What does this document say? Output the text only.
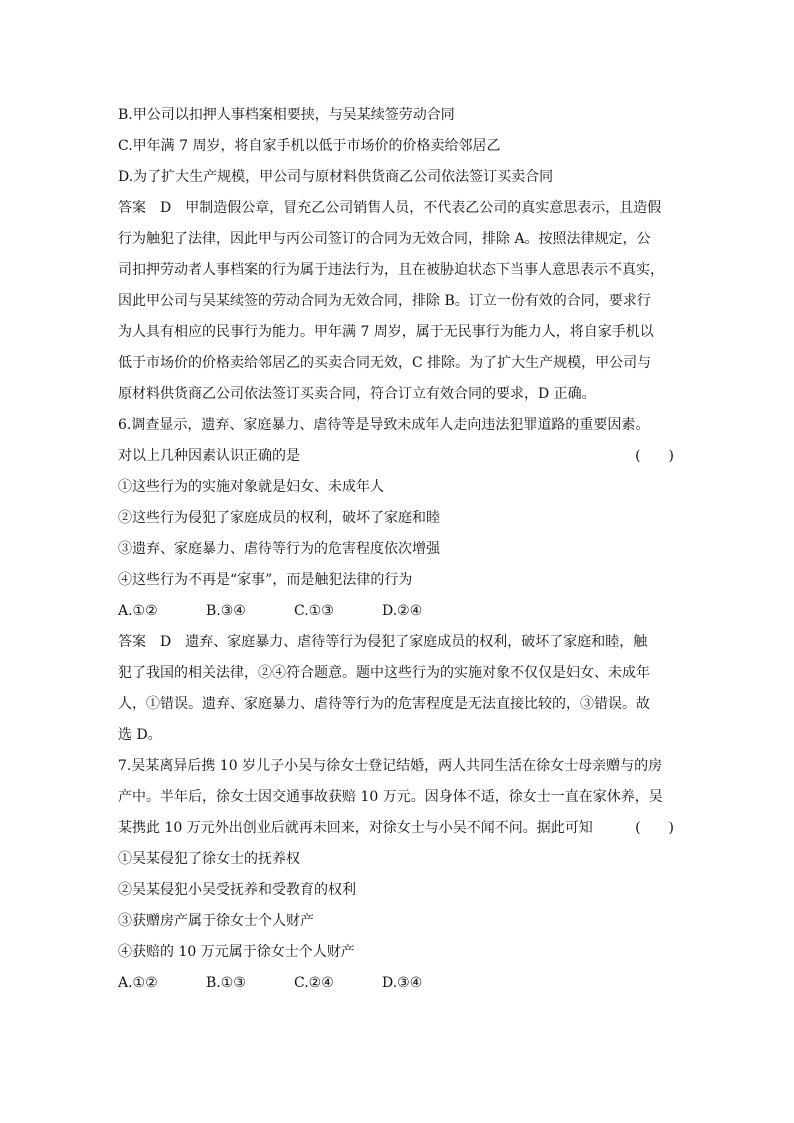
B.甲公司以扣押人事档案相要挟，与吴某续签劳动合同
C.甲年满 7 周岁，将自家手机以低于市场价的价格卖给邻居乙
D.为了扩大生产规模，甲公司与原材料供货商乙公司依法签订买卖合同
答案　D　甲制造假公章，冒充乙公司销售人员，不代表乙公司的真实意思表示，且造假
行为触犯了法律，因此甲与丙公司签订的合同为无效合同，排除 A。按照法律规定，公
司扣押劳动者人事档案的行为属于违法行为，且在被胁迫状态下当事人意思表示不真实，
因此甲公司与吴某续签的劳动合同为无效合同，排除 B。订立一份有效的合同，要求行
为人具有相应的民事行为能力。甲年满 7 周岁，属于无民事行为能力人，将自家手机以
低于市场价的价格卖给邻居乙的买卖合同无效，C 排除。为了扩大生产规模，甲公司与
原材料供货商乙公司依法签订买卖合同，符合订立有效合同的要求，D 正确。
6.调查显示，遗弃、家庭暴力、虐待等是导致未成年人走向违法犯罪道路的重要因素。
对以上几种因素认识正确的是	(　　)
①这些行为的实施对象就是妇女、未成年人
②这些行为侵犯了家庭成员的权利，破坏了家庭和睦
③遗弃、家庭暴力、虐待等行为的危害程度依次增强
④这些行为不再是“家事”，而是触犯法律的行为
A.①②	B.③④	C.①③	D.②④
答案　D　遗弃、家庭暴力、虐待等行为侵犯了家庭成员的权利，破坏了家庭和睦，触
犯了我国的相关法律，②④符合题意。题中这些行为的实施对象不仅仅是妇女、未成年
人，①错误。遗弃、家庭暴力、虐待等行为的危害程度是无法直接比较的，③错误。故
选 D。
7.吴某离异后携 10 岁儿子小吴与徐女士登记结婚，两人共同生活在徐女士母亲赠与的房
产中。半年后，徐女士因交通事故获赔 10 万元。因身体不适，徐女士一直在家休养，吴
某携此 10 万元外出创业后就再未回来，对徐女士与小吴不闻不问。据此可知	(　　)
①吴某侵犯了徐女士的抚养权
②吴某侵犯小吴受抚养和受教育的权利
③获赠房产属于徐女士个人财产
④获赔的 10 万元属于徐女士个人财产
A.①②	B.①③	C.②④	D.③④
